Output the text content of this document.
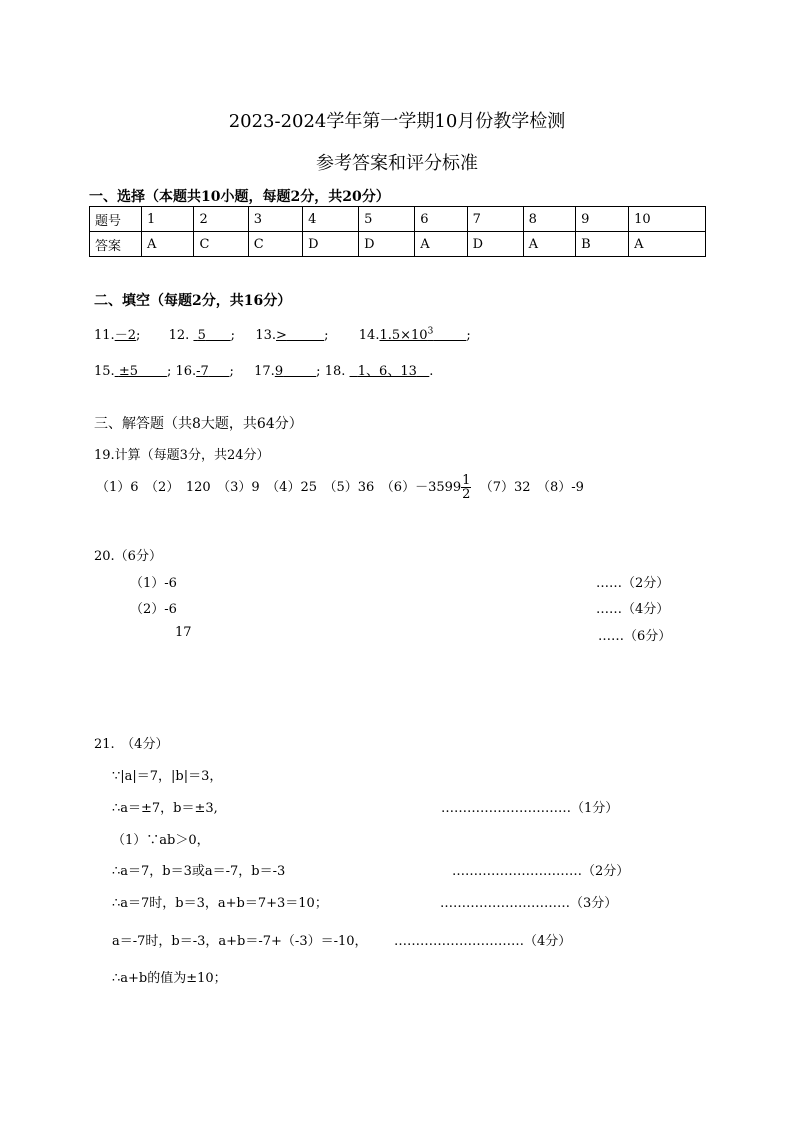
2023-2024学年第一学期10月份教学检测
参考答案和评分标准
一、选择（本题共10小题，每题2分，共20分）
题号	1	2	3	4	5	6	7	8	9	10
答案	A	C	C	D	D	A	D	A	B	A
二、填空（每题2分，共16分）
11.－2;  12. 5 ;  13.>	;  $14.1.5\times 10^3$	;
15. ±5 ; 16.-7 ;  17.9	; 18. 1、6、13 .
三、解答题（共8大题，共64分）
19.计算（每题3分，共24分）
（1）6　（2）　120　（3）9　（4）25　（5）36　$(6)-3599 \frac{1}{2} (7)32$　（8）-9
20.（6分）
（1）-6	……（2分）
（2）-6	……（4分）
17	……（6分）
21.　（4分）
∵|a|＝7，|b|＝3，
∴a＝±7，b＝±3,	…………………………（1分）
（1）∵ab＞0，
∴a＝7，b＝3或a＝-7，b＝-3	…………………………（2分）
∴a＝7时，b＝3，a+b＝7+3＝10；	…………………………（3分）
a＝-7时，b＝-3，a+b＝-7+（-3）＝-10， …………………………（4分）
∴a+b的值为±10；
